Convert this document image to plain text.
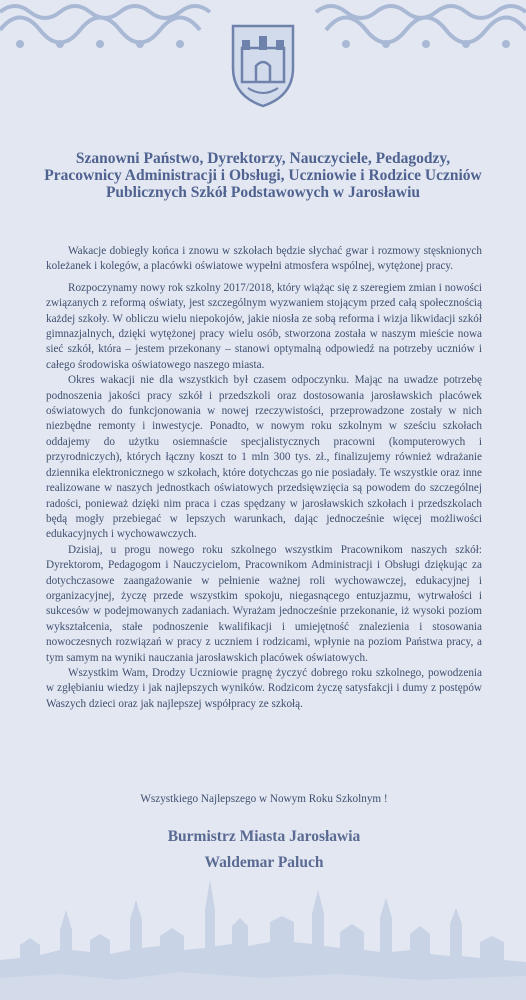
Szanowni Państwo, Dyrektorzy, Nauczyciele, Pedagodzy,
Pracownicy Administracji i Obsługi, Uczniowie i Rodzice Uczniów
Publicznych Szkół Podstawowych w Jarosławiu

Wakacje dobiegły końca i znowu w szkołach będzie słychać gwar i rozmowy stęsknionych koleżanek i kolegów, a placówki oświatowe wypełni atmosfera wspólnej, wytężonej pracy.

Rozpoczynamy nowy rok szkolny 2017/2018, który wiążąc się z szeregiem zmian i nowości związanych z reformą oświaty, jest szczególnym wyzwaniem stojącym przed całą społecznością każdej szkoły. W obliczu wielu niepokojów, jakie niosła ze sobą reforma i wizja likwidacji szkół gimnazjalnych, dzięki wytężonej pracy wielu osób, stworzona została w naszym mieście nowa sieć szkół, która – jestem przekonany – stanowi optymalną odpowiedź na potrzeby uczniów i całego środowiska oświatowego naszego miasta.

Okres wakacji nie dla wszystkich był czasem odpoczynku. Mając na uwadze potrzebę podnoszenia jakości pracy szkół i przedszkoli oraz dostosowania jarosławskich placówek oświatowych do funkcjonowania w nowej rzeczywistości, przeprowadzone zostały w nich niezbędne remonty i inwestycje. Ponadto, w nowym roku szkolnym w sześciu szkołach oddajemy do użytku osiemnaście specjalistycznych pracowni (komputerowych i przyrodniczych), których łączny koszt to 1 mln 300 tys. zł., finalizujemy również wdrażanie dziennika elektronicznego w szkołach, które dotychczas go nie posiadały. Te wszystkie oraz inne realizowane w naszych jednostkach oświatowych przedsięwzięcia są powodem do szczególnej radości, ponieważ dzięki nim praca i czas spędzany w jarosławskich szkołach i przedszkolach będą mogły przebiegać w lepszych warunkach, dając jednocześnie więcej możliwości edukacyjnych i wychowawczych.

Dzisiaj, u progu nowego roku szkolnego wszystkim Pracownikom naszych szkół: Dyrektorom, Pedagogom i Nauczycielom, Pracownikom Administracji i Obsługi dziękując za dotychczasowe zaangażowanie w pełnienie ważnej roli wychowawczej, edukacyjnej i organizacyjnej, życzę przede wszystkim spokoju, niegasnącego entuzjazmu, wytrwałości i sukcesów w podejmowanych zadaniach. Wyrażam jednocześnie przekonanie, iż wysoki poziom wykształcenia, stałe podnoszenie kwalifikacji i umiejętność znalezienia i stosowania nowoczesnych rozwiązań w pracy z uczniem i rodzicami, wpłynie na poziom Państwa pracy, a tym samym na wyniki nauczania jarosławskich placówek oświatowych.

Wszystkim Wam, Drodzy Uczniowie pragnę życzyć dobrego roku szkolnego, powodzenia w zgłębianiu wiedzy i jak najlepszych wyników. Rodzicom życzę satysfakcji i dumy z postępów Waszych dzieci oraz jak najlepszej współpracy ze szkołą.

Wszystkiego Najlepszego w Nowym Roku Szkolnym !
Burmistrz Miasta Jarosławia
Waldemar Paluch
